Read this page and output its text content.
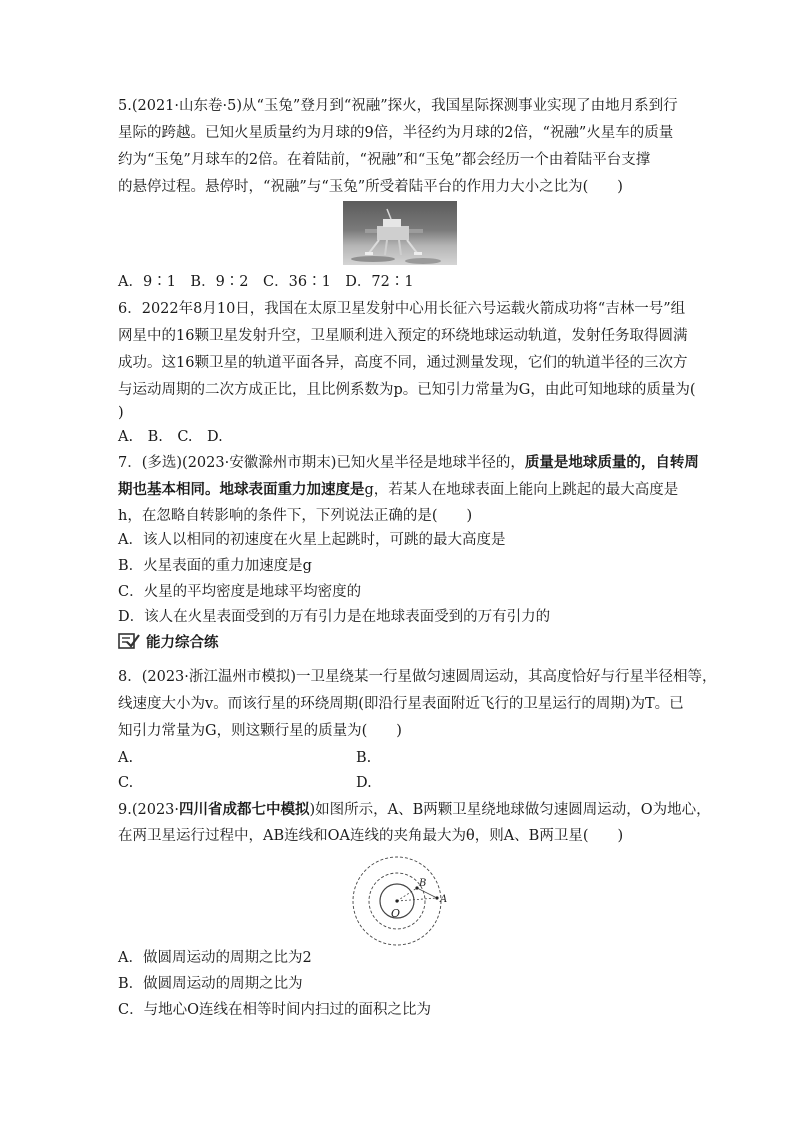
5.(2021·山东卷·5)从“玉兔”登月到“祝融”探火，我国星际探测事业实现了由地月系到行
星际的跨越。已知火星质量约为月球的9倍，半径约为月球的2倍，“祝融”火星车的质量
约为“玉兔”月球车的2倍。在着陆前，“祝融”和“玉兔”都会经历一个由着陆平台支撑
的悬停过程。悬停时，“祝融”与“玉兔”所受着陆平台的作用力大小之比为(　　)
A．9∶1　B．9∶2　C．36∶1　D．72∶1
6．2022年8月10日，我国在太原卫星发射中心用长征六号运载火箭成功将“吉林一号”组
网星中的16颗卫星发射升空，卫星顺利进入预定的环绕地球运动轨道，发射任务取得圆满
成功。这16颗卫星的轨道平面各异，高度不同，通过测量发现，它们的轨道半径的三次方
与运动周期的二次方成正比，且比例系数为p。已知引力常量为G，由此可知地球的质量为(
)
A.　B.　C.　D.
7．(多选)(2023·安徽滁州市期末)已知火星半径是地球半径的，质量是地球质量的，自转周
期也基本相同。地球表面重力加速度是g，若某人在地球表面上能向上跳起的最大高度是
h，在忽略自转影响的条件下，下列说法正确的是(　　)
A．该人以相同的初速度在火星上起跳时，可跳的最大高度是
B．火星表面的重力加速度是g
C．火星的平均密度是地球平均密度的
D．该人在火星表面受到的万有引力是在地球表面受到的万有引力的
能力综合练
8．(2023·浙江温州市模拟)一卫星绕某一行星做匀速圆周运动，其高度恰好与行星半径相等，
线速度大小为v。而该行星的环绕周期(即沿行星表面附近飞行的卫星运行的周期)为T。已
知引力常量为G，则这颗行星的质量为(　　)
A.	B.
C.	D.
9.(2023·四川省成都七中模拟)如图所示，A、B两颗卫星绕地球做匀速圆周运动，O为地心，
在两卫星运行过程中，AB连线和OA连线的夹角最大为θ，则A、B两卫星(　　)
O
B
A
A．做圆周运动的周期之比为2
B．做圆周运动的周期之比为
C．与地心O连线在相等时间内扫过的面积之比为
